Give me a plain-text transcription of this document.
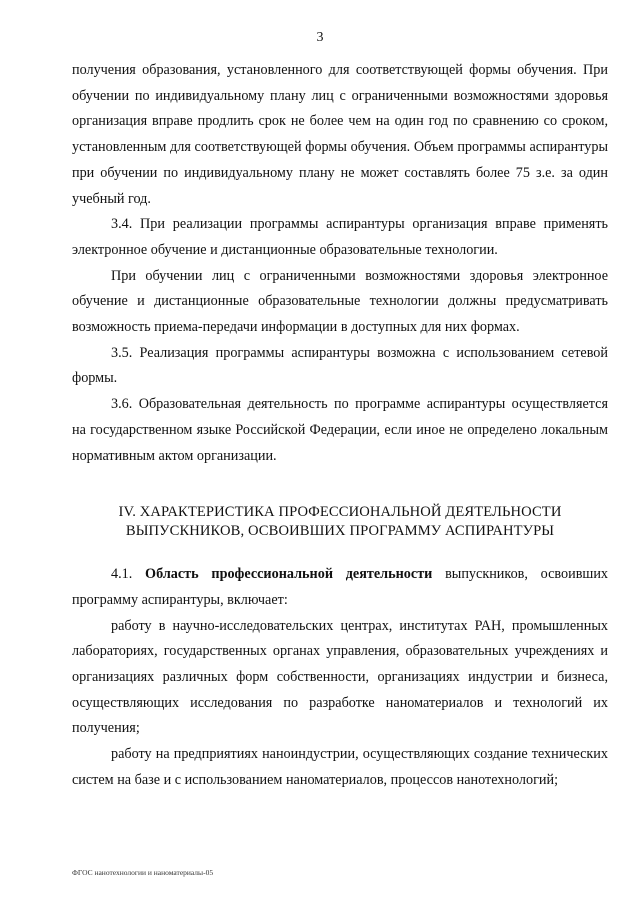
3

получения образования, установленного для соответствующей формы обучения. При обучении по индивидуальному плану лиц с ограниченными возможностями здоровья организация вправе продлить срок не более чем на один год по сравнению со сроком, установленным для соответствующей формы обучения. Объем программы аспирантуры при обучении по индивидуальному плану не может составлять более 75 з.е. за один учебный год.

3.4. При реализации программы аспирантуры организация вправе применять электронное обучение и дистанционные образовательные технологии.

При обучении лиц с ограниченными возможностями здоровья электронное обучение и дистанционные образовательные технологии должны предусматривать возможность приема-передачи информации в доступных для них формах.

3.5. Реализация программы аспирантуры возможна с использованием сетевой формы.

3.6. Образовательная деятельность по программе аспирантуры осуществляется на государственном языке Российской Федерации, если иное не определено локальным нормативным актом организации.

IV. ХАРАКТЕРИСТИКА ПРОФЕССИОНАЛЬНОЙ ДЕЯТЕЛЬНОСТИ
ВЫПУСКНИКОВ, ОСВОИВШИХ ПРОГРАММУ АСПИРАНТУРЫ

4.1. Область профессиональной деятельности выпускников, освоивших программу аспирантуры, включает:

работу в научно-исследовательских центрах, институтах РАН, промышленных лабораториях, государственных органах управления, образовательных учреждениях и организациях различных форм собственности, организациях индустрии и бизнеса, осуществляющих исследования по разработке наноматериалов и технологий их получения;

работу на предприятиях наноиндустрии, осуществляющих создание технических систем на базе и с использованием наноматериалов, процессов нанотехнологий;

ФГОС нанотехнологии и наноматериалы-05
